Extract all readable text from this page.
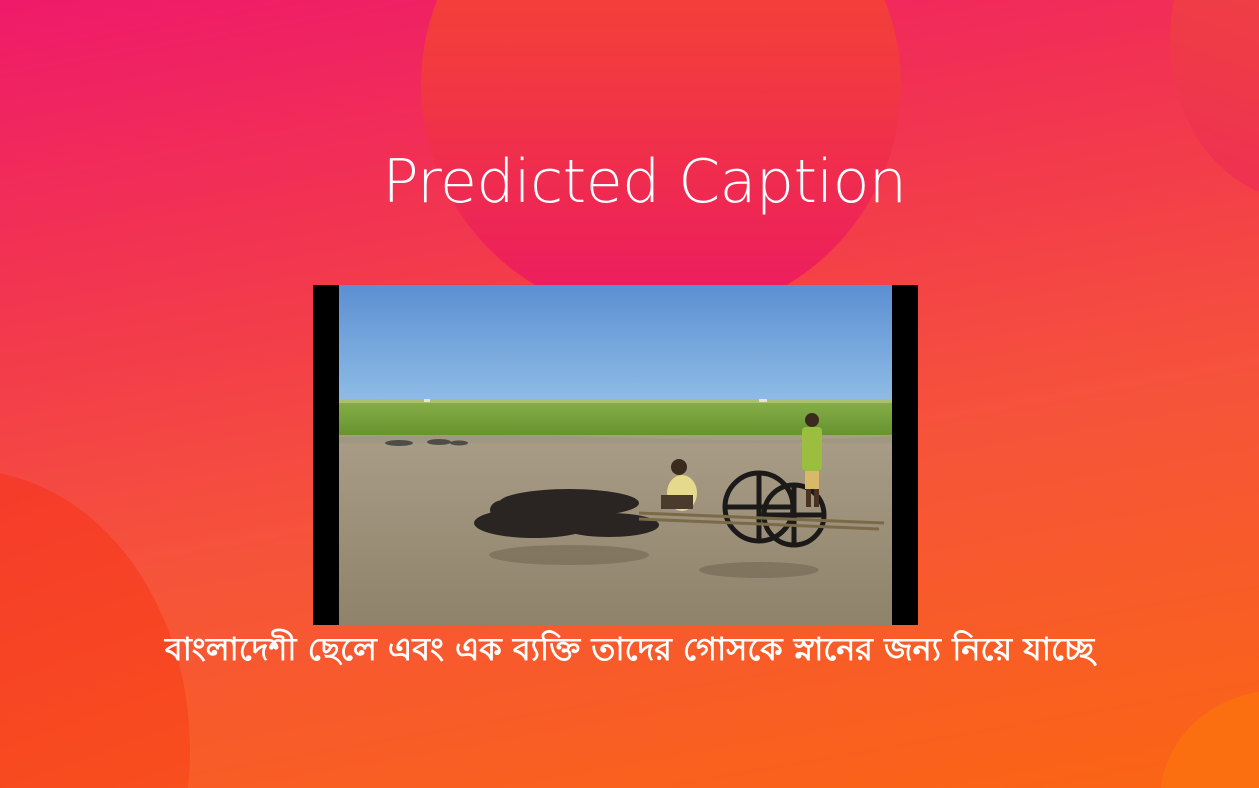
Predicted Caption
বাংলাদেশী ছেলে এবং এক ব্যক্তি তাদের গোসকে স্নানের জন্য নিয়ে যাচ্ছে
